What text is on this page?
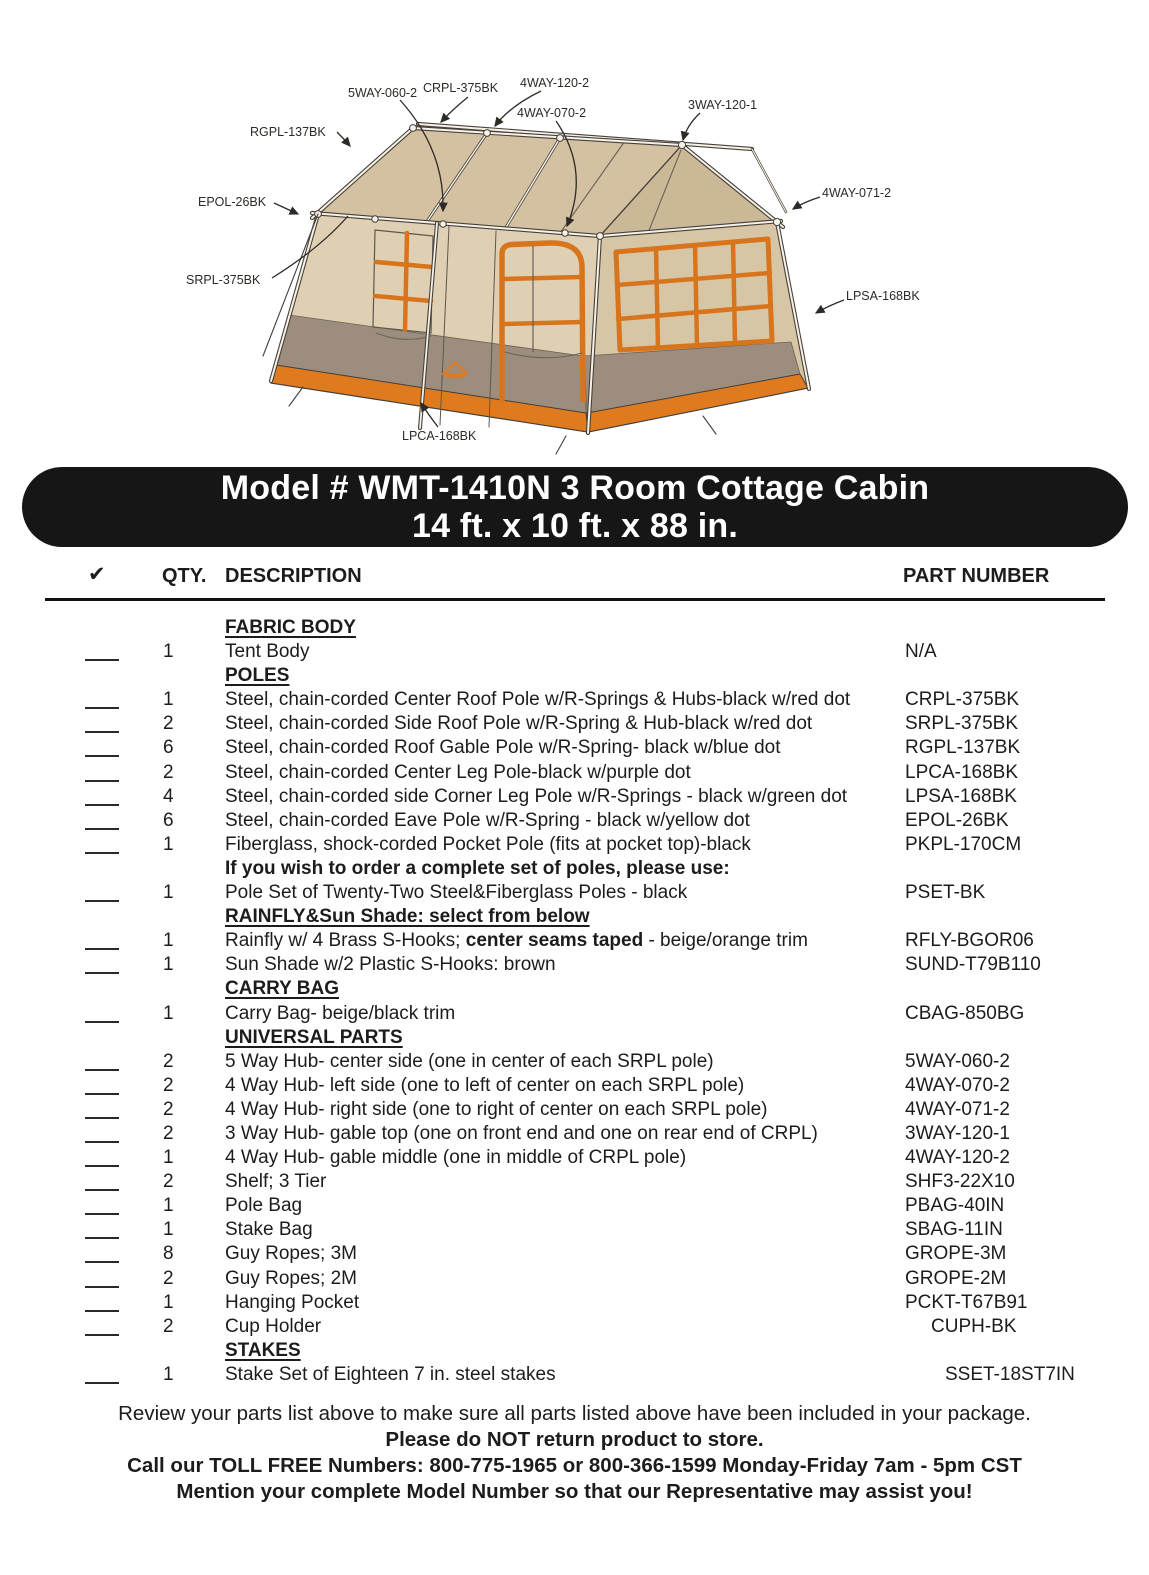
5WAY-060-2 CRPL-375BK 4WAY-120-2
4WAY-070-2
3WAY-120-1
RGPL-137BK
EPOL-26BK
4WAY-071-2
SRPL-375BK
LPSA-168BK
LPCA-168BK
Model # WMT-1410N 3 Room Cottage Cabin
14 ft. x 10 ft. x 88 in.
✔	QTY. DESCRIPTION	PART NUMBER
FABRIC BODY
1	Tent Body	N/A
POLES
1	Steel, chain-corded Center Roof Pole w/R-Springs & Hubs-black w/red dot	CRPL-375BK
2	Steel, chain-corded Side Roof Pole w/R-Spring & Hub-black w/red dot	SRPL-375BK
6	Steel, chain-corded Roof Gable Pole w/R-Spring- black w/blue dot	RGPL-137BK
2	Steel, chain-corded Center Leg Pole-black w/purple dot	LPCA-168BK
4	Steel, chain-corded side Corner Leg Pole w/R-Springs - black w/green dot	LPSA-168BK
6	Steel, chain-corded Eave Pole w/R-Spring - black w/yellow dot	EPOL-26BK
1	Fiberglass, shock-corded Pocket Pole (fits at pocket top)-black	PKPL-170CM
If you wish to order a complete set of poles, please use:
1	Pole Set of Twenty-Two Steel&Fiberglass Poles - black	PSET-BK
RAINFLY&Sun Shade: select from below
1	Rainfly w/ 4 Brass S-Hooks; center seams taped - beige/orange trim	RFLY-BGOR06
1	Sun Shade w/2 Plastic S-Hooks: brown	SUND-T79B110
CARRY BAG
1	Carry Bag- beige/black trim	CBAG-850BG
UNIVERSAL PARTS
2	5 Way Hub- center side (one in center of each SRPL pole)	5WAY-060-2
2	4 Way Hub- left side (one to left of center on each SRPL pole)	4WAY-070-2
2	4 Way Hub- right side (one to right of center on each SRPL pole)	4WAY-071-2
2	3 Way Hub- gable top (one on front end and one on rear end of CRPL)	3WAY-120-1
1	4 Way Hub- gable middle (one in middle of CRPL pole)	4WAY-120-2
2	Shelf; 3 Tier	SHF3-22X10
1	Pole Bag	PBAG-40IN
1	Stake Bag	SBAG-11IN
8	Guy Ropes; 3M	GROPE-3M
2	Guy Ropes; 2M	GROPE-2M
1	Hanging Pocket	PCKT-T67B91
2	Cup Holder	CUPH-BK
STAKES
1	Stake Set of Eighteen 7 in. steel stakes	SSET-18ST7IN
Review your parts list above to make sure all parts listed above have been included in your package.
Please do NOT return product to store.
Call our TOLL FREE Numbers: 800-775-1965 or 800-366-1599 Monday-Friday 7am - 5pm CST
Mention your complete Model Number so that our Representative may assist you!
